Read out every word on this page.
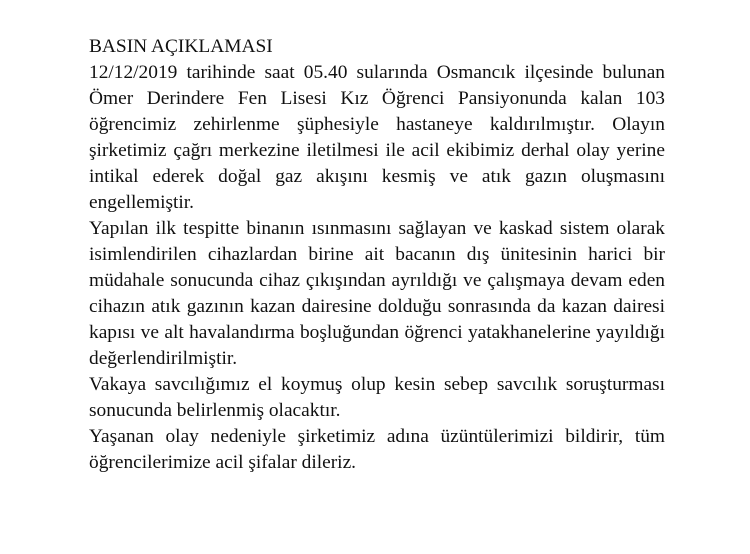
BASIN AÇIKLAMASI

12/12/2019 tarihinde saat 05.40 sularında Osmancık ilçesinde bulunan Ömer Derindere Fen Lisesi Kız Öğrenci Pansiyonunda kalan 103 öğrencimiz zehirlenme şüphesiyle hastaneye kaldırılmıştır. Olayın şirketimiz çağrı merkezine iletilmesi ile acil ekibimiz derhal olay yerine intikal ederek doğal gaz akışını kesmiş ve atık gazın oluşmasını engellemiştir.

Yapılan ilk tespitte binanın ısınmasını sağlayan ve kaskad sistem olarak isimlendirilen cihazlardan birine ait bacanın dış ünitesinin harici bir müdahale sonucunda cihaz çıkışından ayrıldığı ve çalışmaya devam eden cihazın atık gazının kazan dairesine dolduğu sonrasında da kazan dairesi kapısı ve alt havalandırma boşluğundan öğrenci yatakhanelerine yayıldığı değerlendirilmiştir.

Vakaya savcılığımız el koymuş olup kesin sebep savcılık soruşturması sonucunda belirlenmiş olacaktır.

Yaşanan olay nedeniyle şirketimiz adına üzüntülerimizi bildirir, tüm öğrencilerimize acil şifalar dileriz.
